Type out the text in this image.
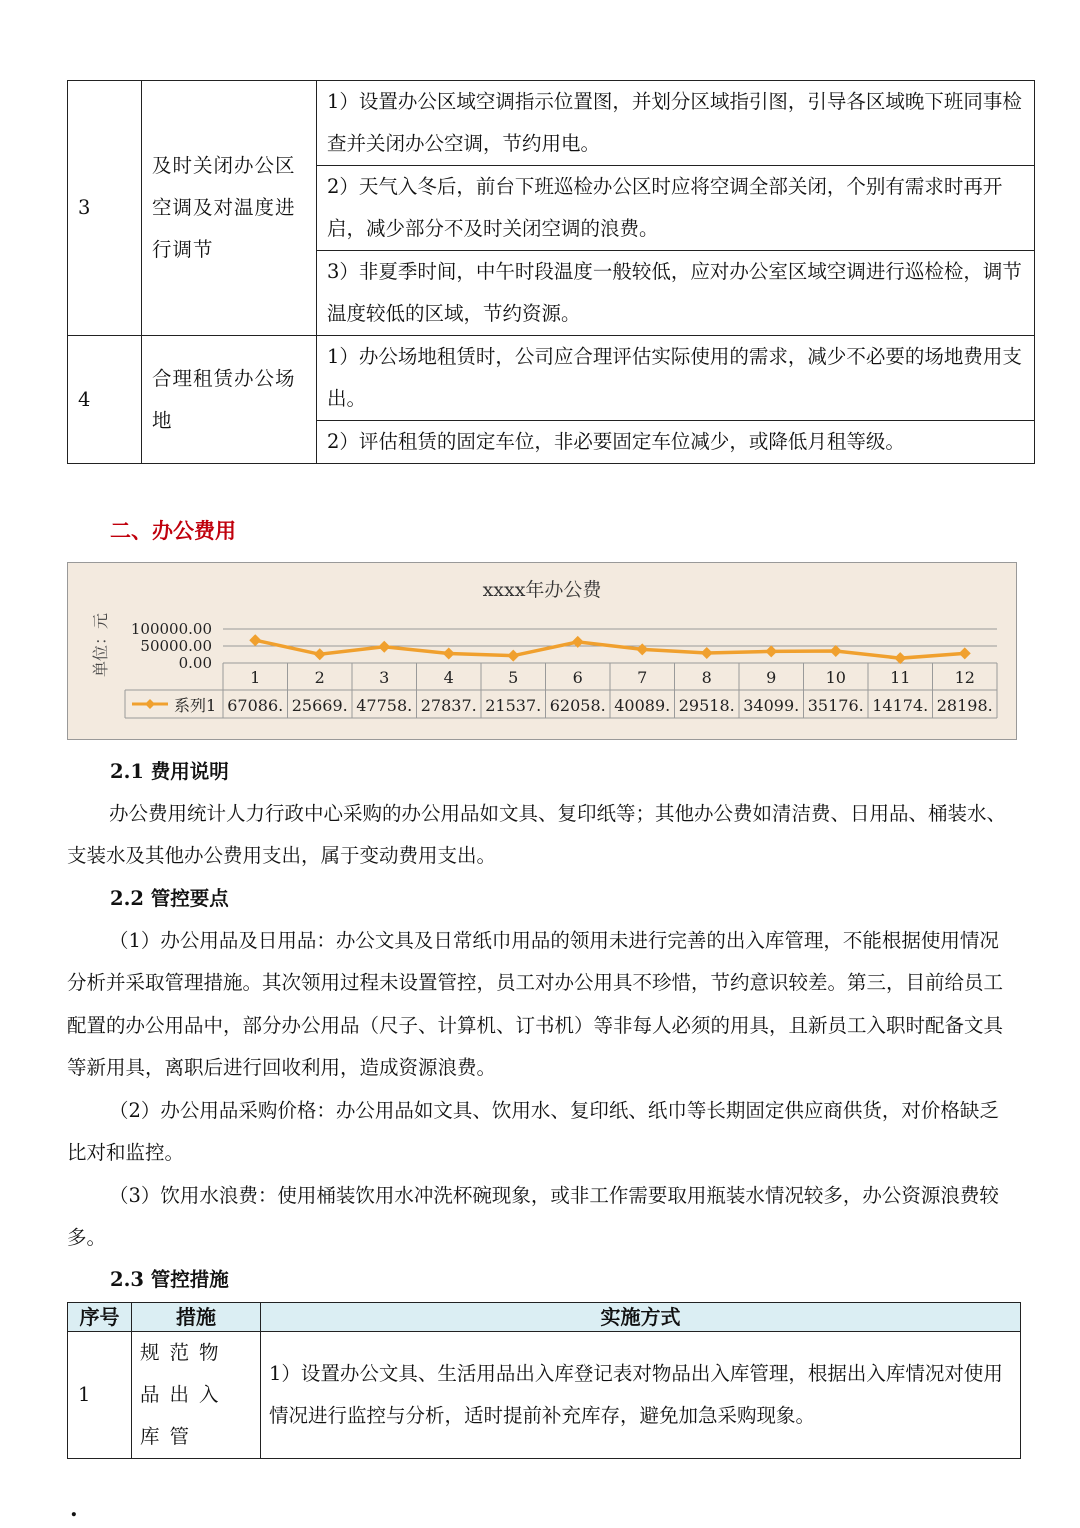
3	及时关闭办公区空调及对温度进行调节	1）设置办公区域空调指示位置图，并划分区域指引图，引导各区域晚下班同事检查并关闭办公空调，节约用电。
		2）天气入冬后，前台下班巡检办公区时应将空调全部关闭，个别有需求时再开启，减少部分不及时关闭空调的浪费。
		3）非夏季时间，中午时段温度一般较低，应对办公室区域空调进行巡检检，调节温度较低的区域，节约资源。
4	合理租赁办公场地	1）办公场地租赁时，公司应合理评估实际使用的需求，减少不必要的场地费用支出。
		2）评估租赁的固定车位，非必要固定车位减少，或降低月租等级。
二、办公费用
xxxx年办公费
单位：元 100000.00
50000.00
0.00
1
67086.
2
25669.
3
47758.
4
27837.
5
21537.
6
62058.
7
40089.
8
29518.
9
34099.
10
35176.
11
14174.
12
28198.
系列1
2.1 费用说明
办公费用统计人力行政中心采购的办公用品如文具、复印纸等；其他办公费如清洁费、日用品、桶装水、支装水及其他办公费用支出，属于变动费用支出。
2.2 管控要点
（1）办公用品及日用品：办公文具及日常纸巾用品的领用未进行完善的出入库管理，不能根据使用情况分析并采取管理措施。其次领用过程未设置管控，员工对办公用具不珍惜，节约意识较差。第三，目前给员工配置的办公用品中，部分办公用品（尺子、计算机、订书机）等非每人必须的用具，且新员工入职时配备文具等新用具，离职后进行回收利用，造成资源浪费。
（2）办公用品采购价格：办公用品如文具、饮用水、复印纸、纸巾等长期固定供应商供货，对价格缺乏比对和监控。
（3）饮用水浪费：使用桶装饮用水冲洗杯碗现象，或非工作需要取用瓶装水情况较多，办公资源浪费较多。
2.3 管控措施
序号	措施	实施方式
1	规范物品出入库管	1）设置办公文具、生活用品出入库登记表对物品出入库管理，根据出入库情况对使用情况进行监控与分析，适时提前补充库存，避免加急采购现象。
.
